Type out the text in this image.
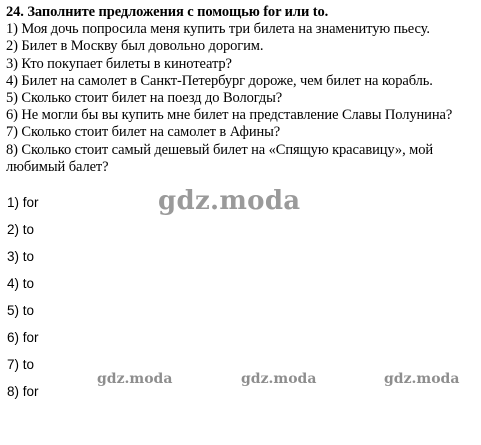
24. Заполните предложения с помощью for или to.
1) Моя дочь попросила меня купить три билета на знаменитую пьесу.
2) Билет в Москву был довольно дорогим.
3) Кто покупает билеты в кинотеатр?
4) Билет на самолет в Санкт-Петербург дороже, чем билет на корабль.
5) Сколько стоит билет на поезд до Вологды?
6) Не могли бы вы купить мне билет на представление Славы Полунина?
7) Сколько стоит билет на самолет в Афины?
8) Сколько стоит самый дешевый билет на «Спящую красавицу», мой любимый балет?
1) for
2) to
3) to
4) to
5) to
6) for
7) to
8) for
gdz.moda
gdz.moda	gdz.moda	gdz.moda
